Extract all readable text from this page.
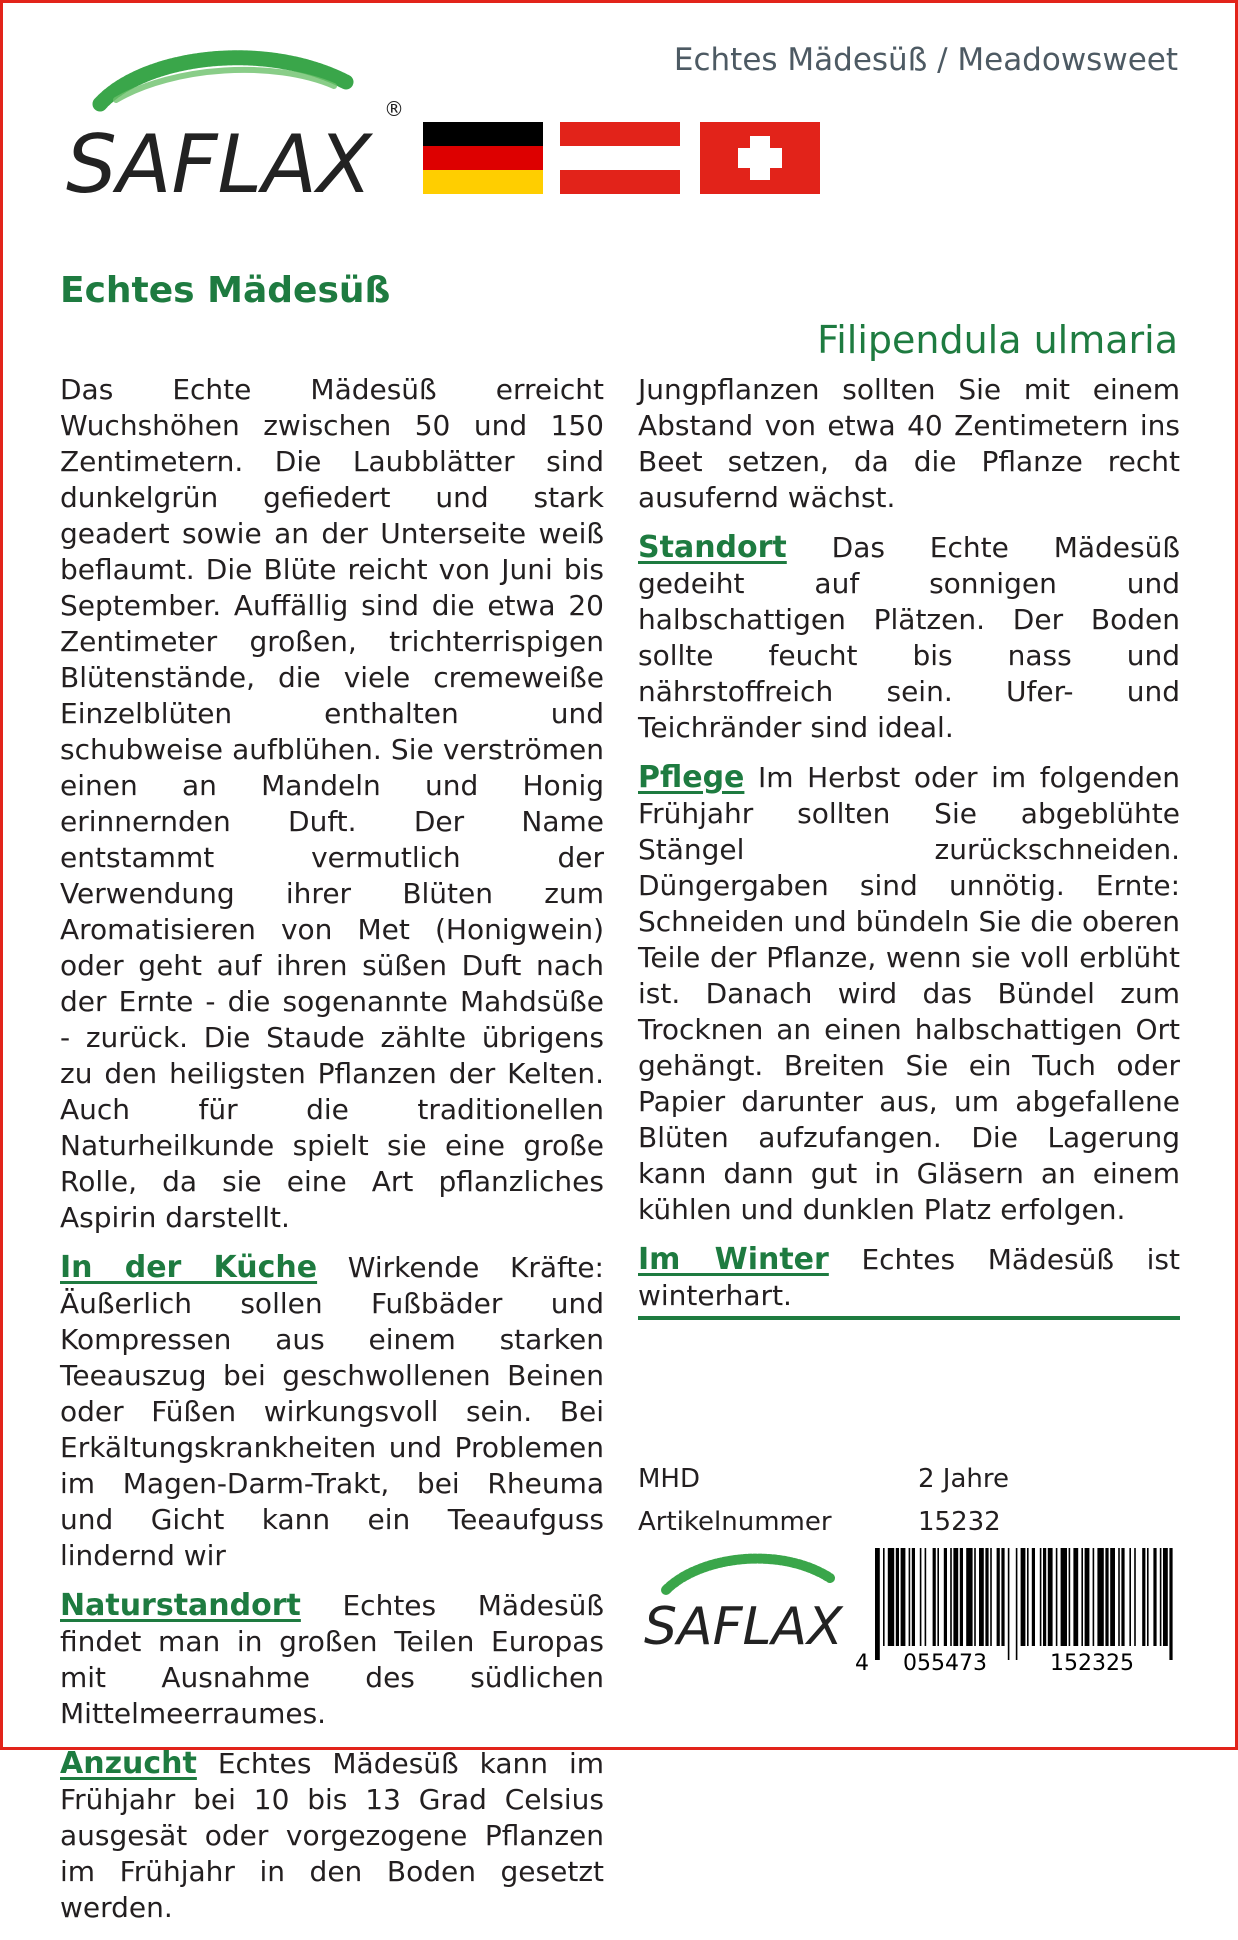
Echtes Mädesüß / Meadowsweet
SAFLAX
®
Echtes Mädesüß
Filipendula ulmaria

Das Echte Mädesüß erreicht Wuchshöhen zwischen 50 und 150 Zentimetern. Die Laubblätter sind dunkelgrün gefiedert und stark geadert sowie an der Unterseite weiß beflaumt. Die Blüte reicht von Juni bis September. Auffällig sind die etwa 20 Zentimeter großen, trichterrispigen Blütenstände, die viele cremeweiße Einzelblüten enthalten und schubweise aufblühen. Sie verströmen einen an Mandeln und Honig erinnernden Duft. Der Name entstammt vermutlich der Verwendung ihrer Blüten zum Aromatisieren von Met (Honigwein) oder geht auf ihren süßen Duft nach der Ernte - die sogenannte Mahdsüße - zurück. Die Staude zählte übrigens zu den heiligsten Pflanzen der Kelten. Auch für die traditionellen Naturheilkunde spielt sie eine große Rolle, da sie eine Art pflanzliches Aspirin darstellt.

In der Küche Wirkende Kräfte: Äußerlich sollen Fußbäder und Kompressen aus einem starken Teeauszug bei geschwollenen Beinen oder Füßen wirkungsvoll sein. Bei Erkältungskrankheiten und Problemen im Magen-Darm-Trakt, bei Rheuma und Gicht kann ein Teeaufguss lindernd wir

Naturstandort Echtes Mädesüß findet man in großen Teilen Europas mit Ausnahme des südlichen Mittelmeerraumes.

Anzucht Echtes Mädesüß kann im Frühjahr bei 10 bis 13 Grad Celsius ausgesät oder vorgezogene Pflanzen im Frühjahr in den Boden gesetzt werden.

Jungpflanzen sollten Sie mit einem Abstand von etwa 40 Zentimetern ins Beet setzen, da die Pflanze recht ausufernd wächst.

Standort Das Echte Mädesüß gedeiht auf sonnigen und halbschattigen Plätzen. Der Boden sollte feucht bis nass und nährstoffreich sein. Ufer- und Teichränder sind ideal.

Pflege Im Herbst oder im folgenden Frühjahr sollten Sie abgeblühte Stängel zurückschneiden. Düngergaben sind unnötig. Ernte: Schneiden und bündeln Sie die oberen Teile der Pflanze, wenn sie voll erblüht ist. Danach wird das Bündel zum Trocknen an einen halbschattigen Ort gehängt. Breiten Sie ein Tuch oder Papier darunter aus, um abgefallene Blüten aufzufangen. Die Lagerung kann dann gut in Gläsern an einem kühlen und dunklen Platz erfolgen.

Im Winter Echtes Mädesüß ist winterhart.

MHD	2 Jahre
Artikelnummer	15232
SAFLAX
4 055473	152325
